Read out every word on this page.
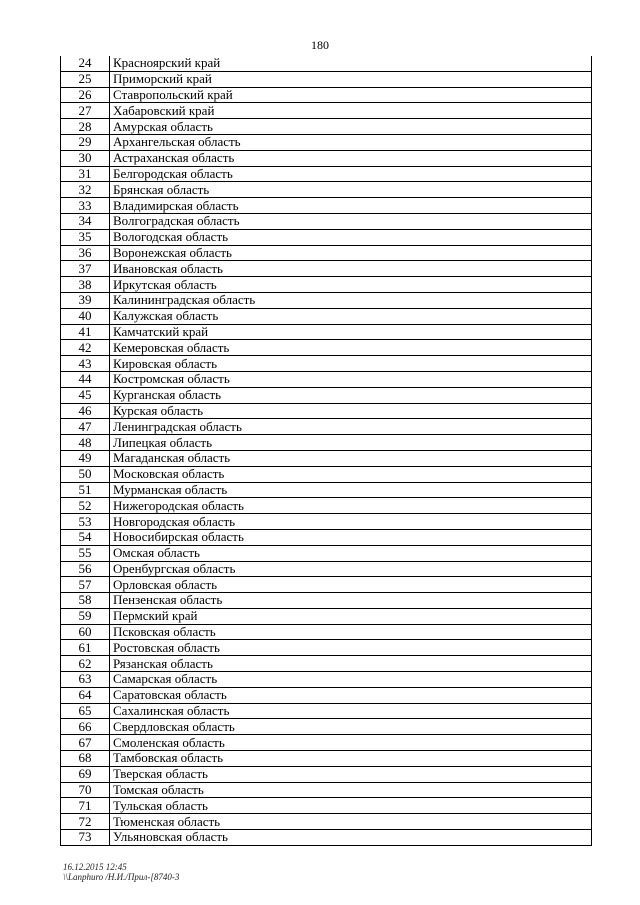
180
24	Красноярский край
25	Приморский край
26	Ставропольский край
27	Хабаровский край
28	Амурская область
29	Архангельская область
30	Астраханская область
31	Белгородская область
32	Брянская область
33	Владимирская область
34	Волгоградская область
35	Вологодская область
36	Воронежская область
37	Ивановская область
38	Иркутская область
39	Калининградская область
40	Калужская область
41	Камчатский край
42	Кемеровская область
43	Кировская область
44	Костромская область
45	Курганская область
46	Курская область
47	Ленинградская область
48	Липецкая область
49	Магаданская область
50	Московская область
51	Мурманская область
52	Нижегородская область
53	Новгородская область
54	Новосибирская область
55	Омская область
56	Оренбургская область
57	Орловская область
58	Пензенская область
59	Пермский край
60	Псковская область
61	Ростовская область
62	Рязанская область
63	Самарская область
64	Саратовская область
65	Сахалинская область
66	Свердловская область
67	Смоленская область
68	Тамбовская область
69	Тверская область
70	Томская область
71	Тульская область
72	Тюменская область
73	Ульяновская область
16.12.2015 12:45
\\Lanphuro /Н.И./Прил-[8740-3
